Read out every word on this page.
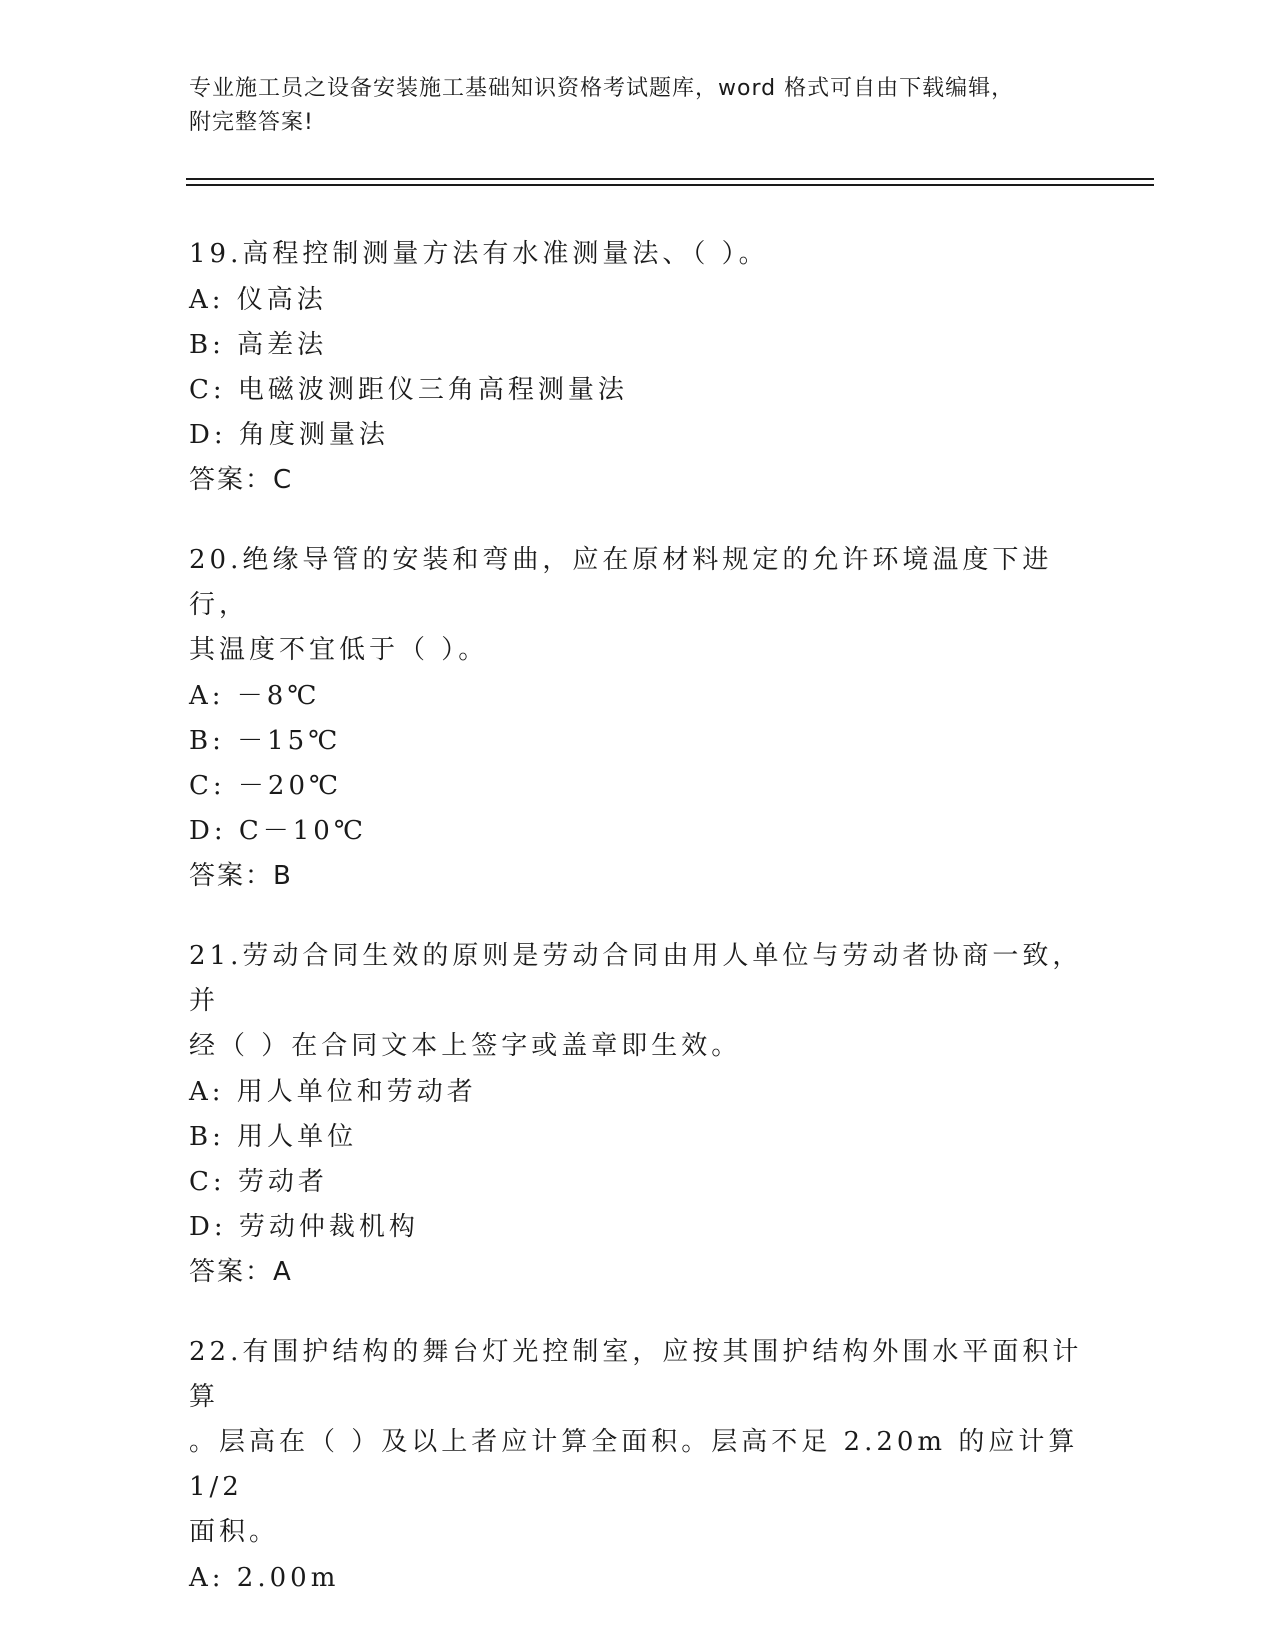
专业施工员之设备安装施工基础知识资格考试题库，word 格式可自由下载编辑，
附完整答案!
19.高程控制测量方法有水准测量法、（ ）。
A: 仪高法
B: 高差法
C: 电磁波测距仪三角高程测量法
D: 角度测量法
答案：C
20.绝缘导管的安装和弯曲，应在原材料规定的允许环境温度下进行，
其温度不宜低于（ ）。
A: －8℃
B: －15℃
C: －20℃
D: C－10℃
答案：B
21.劳动合同生效的原则是劳动合同由用人单位与劳动者协商一致，并
经（ ）在合同文本上签字或盖章即生效。
A: 用人单位和劳动者
B: 用人单位
C: 劳动者
D: 劳动仲裁机构
答案：A
22.有围护结构的舞台灯光控制室，应按其围护结构外围水平面积计算
。层高在（ ）及以上者应计算全面积。层高不足 2.20m 的应计算 1/2
面积。
A: 2.00m
